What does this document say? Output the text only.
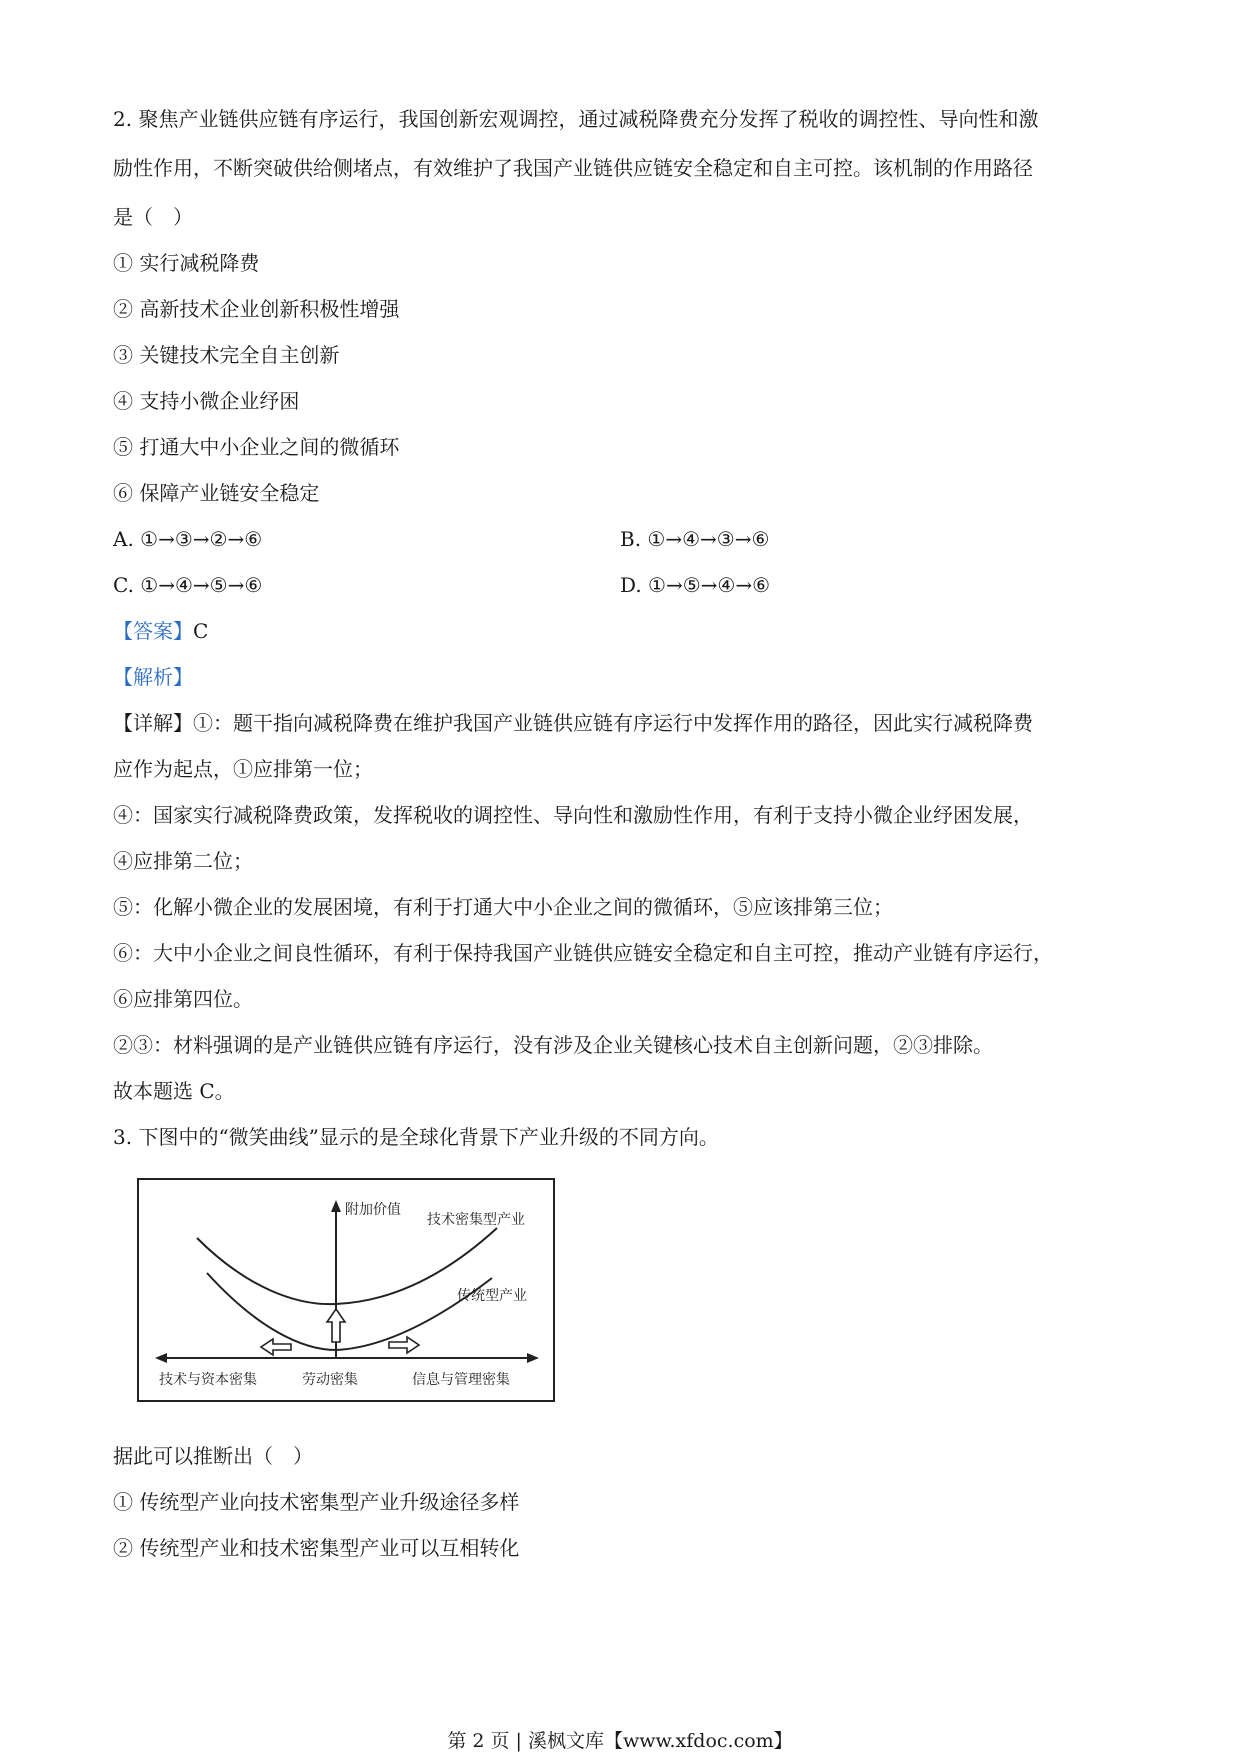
2. 聚焦产业链供应链有序运行，我国创新宏观调控，通过减税降费充分发挥了税收的调控性、导向性和激
励性作用，不断突破供给侧堵点，有效维护了我国产业链供应链安全稳定和自主可控。该机制的作用路径
是（　）
① 实行减税降费
② 高新技术企业创新积极性增强
③ 关键技术完全自主创新
④ 支持小微企业纾困
⑤ 打通大中小企业之间的微循环
⑥ 保障产业链安全稳定
A. ①→③→②→⑥	B. ①→④→③→⑥
C. ①→④→⑤→⑥	D. ①→⑤→④→⑥
【答案】C
【解析】
【详解】①：题干指向减税降费在维护我国产业链供应链有序运行中发挥作用的路径，因此实行减税降费
应作为起点，①应排第一位；
④：国家实行减税降费政策，发挥税收的调控性、导向性和激励性作用，有利于支持小微企业纾困发展，
④应排第二位；
⑤：化解小微企业的发展困境，有利于打通大中小企业之间的微循环，⑤应该排第三位；
⑥：大中小企业之间良性循环，有利于保持我国产业链供应链安全稳定和自主可控，推动产业链有序运行，
⑥应排第四位。
②③：材料强调的是产业链供应链有序运行，没有涉及企业关键核心技术自主创新问题，②③排除。
故本题选 C。
3. 下图中的“微笑曲线”显示的是全球化背景下产业升级的不同方向。
附加价值
技术密集型产业
传统型产业
技术与资本密集	劳动密集	信息与管理密集
据此可以推断出（　）
① 传统型产业向技术密集型产业升级途径多样
② 传统型产业和技术密集型产业可以互相转化
第 2 页 | 溪枫文库【www.xfdoc.com】
